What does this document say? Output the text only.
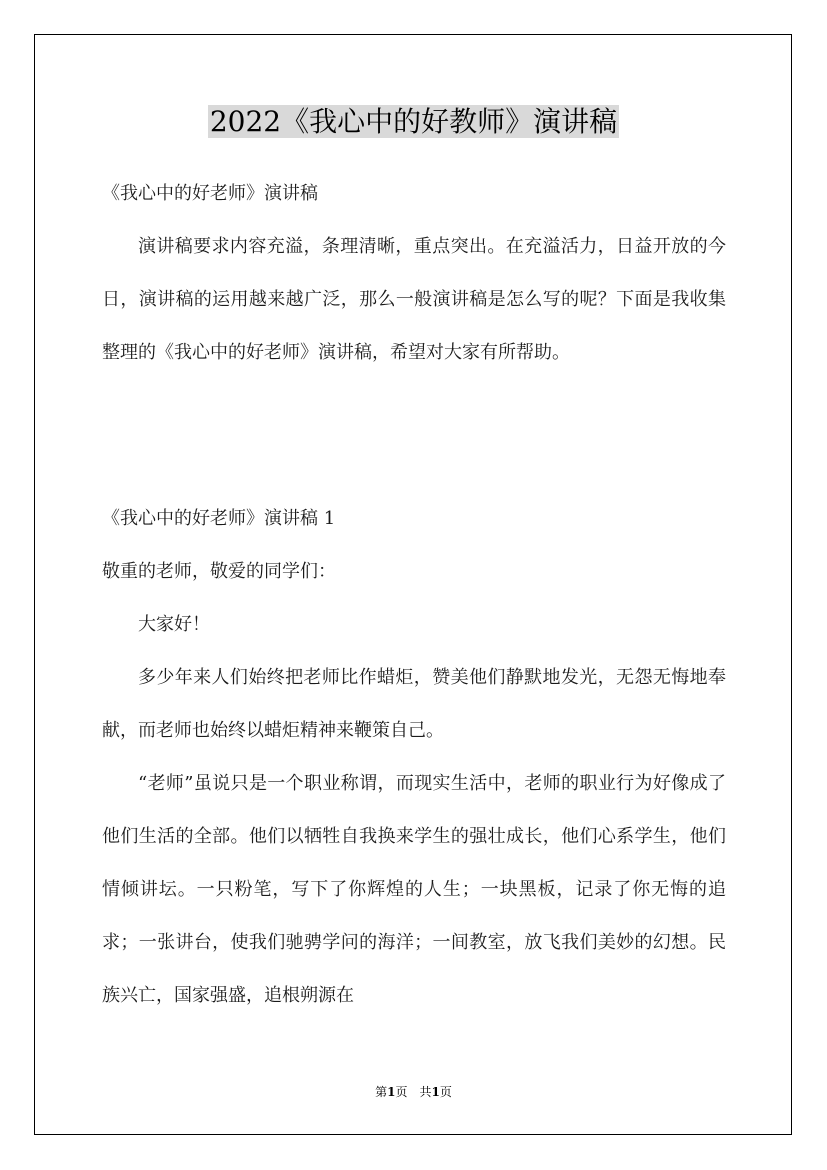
2022《我心中的好教师》演讲稿

《我心中的好老师》演讲稿

演讲稿要求内容充溢，条理清晰，重点突出。在充溢活力，日益开放的今日，演讲稿的运用越来越广泛，那么一般演讲稿是怎么写的呢？下面是我收集整理的《我心中的好老师》演讲稿，希望对大家有所帮助。

《我心中的好老师》演讲稿 1

敬重的老师，敬爱的同学们：

大家好！

多少年来人们始终把老师比作蜡炬，赞美他们静默地发光，无怨无悔地奉献，而老师也始终以蜡炬精神来鞭策自己。

“老师”虽说只是一个职业称谓，而现实生活中，老师的职业行为好像成了他们生活的全部。他们以牺牲自我换来学生的强壮成长，他们心系学生，他们情倾讲坛。一只粉笔，写下了你辉煌的人生；一块黑板，记录了你无悔的追求；一张讲台，使我们驰骋学问的海洋；一间教室，放飞我们美妙的幻想。民族兴亡，国家强盛，追根朔源在

第1页　共1页
